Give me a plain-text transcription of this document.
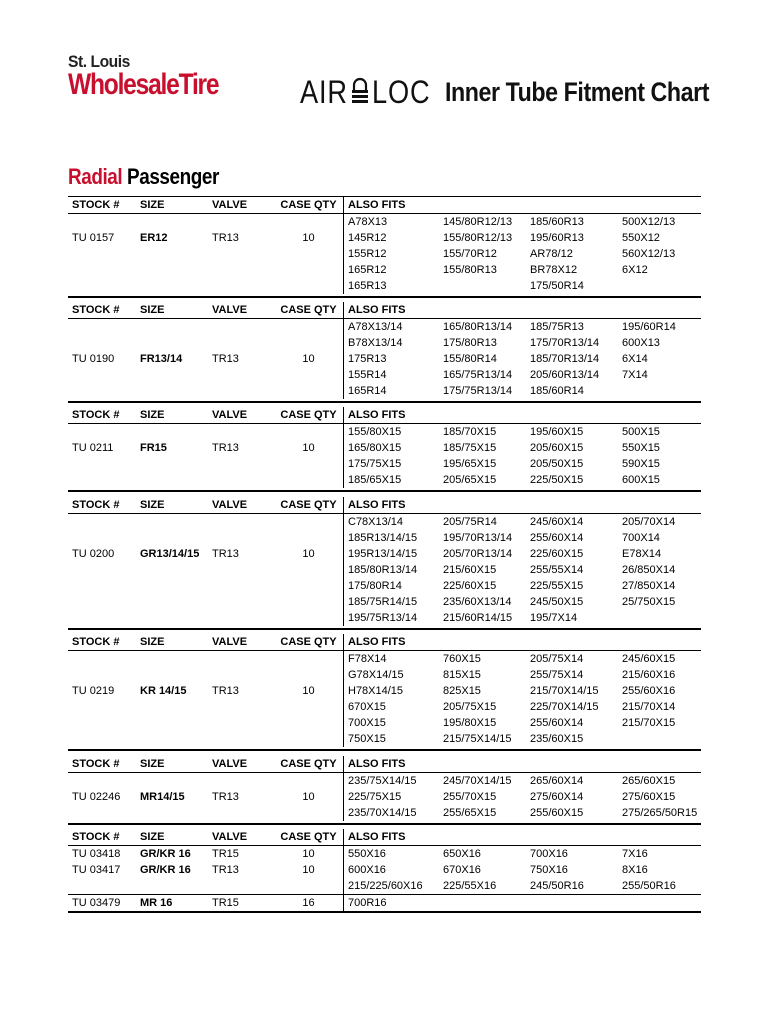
St. Louis
WholesaleTire	AIR LOC Inner Tube Fitment Chart
Radial Passenger
STOCK #	SIZE	VALVE	CASE QTY	ALSO FITS			
				A78X13	145/80R12/13	185/60R13	500X12/13
TU 0157	ER12	TR13	10	145R12	155/80R12/13	195/60R13	550X12
				155R12	155/70R12	AR78/12	560X12/13
				165R12	155/80R13	BR78X12	6X12
				165R13		175/50R14	
STOCK #	SIZE	VALVE	CASE QTY	ALSO FITS			
				A78X13/14	165/80R13/14	185/75R13	195/60R14
				B78X13/14	175/80R13	175/70R13/14	600X13
TU 0190	FR13/14	TR13	10	175R13	155/80R14	185/70R13/14	6X14
				155R14	165/75R13/14	205/60R13/14	7X14
				165R14	175/75R13/14	185/60R14	
STOCK #	SIZE	VALVE	CASE QTY	ALSO FITS			
				155/80X15	185/70X15	195/60X15	500X15
TU 0211	FR15	TR13	10	165/80X15	185/75X15	205/60X15	550X15
				175/75X15	195/65X15	205/50X15	590X15
				185/65X15	205/65X15	225/50X15	600X15
STOCK #	SIZE	VALVE	CASE QTY	ALSO FITS			
				C78X13/14	205/75R14	245/60X14	205/70X14
				185R13/14/15	195/70R13/14	255/60X14	700X14
TU 0200	GR13/14/15	TR13	10	195R13/14/15	205/70R13/14	225/60X15	E78X14
				185/80R13/14	215/60X15	255/55X14	26/850X14
				175/80R14	225/60X15	225/55X15	27/850X14
				185/75R14/15	235/60X13/14	245/50X15	25/750X15
				195/75R13/14	215/60R14/15	195/7X14	
STOCK #	SIZE	VALVE	CASE QTY	ALSO FITS			
				F78X14	760X15	205/75X14	245/60X15
				G78X14/15	815X15	255/75X14	215/60X16
TU 0219	KR 14/15	TR13	10	H78X14/15	825X15	215/70X14/15	255/60X16
				670X15	205/75X15	225/70X14/15	215/70X14
				700X15	195/80X15	255/60X14	215/70X15
				750X15	215/75X14/15	235/60X15	
STOCK #	SIZE	VALVE	CASE QTY	ALSO FITS			
				235/75X14/15	245/70X14/15	265/60X14	265/60X15
TU 02246	MR14/15	TR13	10	225/75X15	255/70X15	275/60X14	275/60X15
				235/70X14/15	255/65X15	255/60X15	275/265/50R15
STOCK #	SIZE	VALVE	CASE QTY	ALSO FITS			
TU 03418	GR/KR 16	TR15	10	550X16	650X16	700X16	7X16
TU 03417	GR/KR 16	TR13	10	600X16	670X16	750X16	8X16
				215/225/60X16	225/55X16	245/50R16	255/50R16
TU 03479	MR 16	TR15	16	700R16			
